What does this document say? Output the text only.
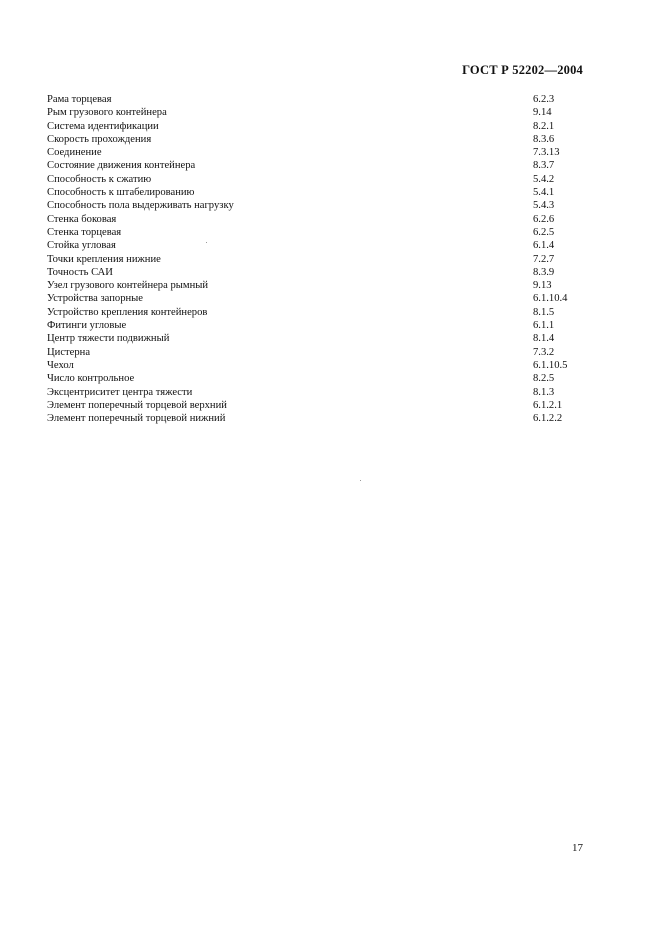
ГОСТ Р 52202—2004
Рама торцевая	6.2.3
Рым грузового контейнера	9.14
Система идентификации	8.2.1
Скорость прохождения	8.3.6
Соединение	7.3.13
Состояние движения контейнера	8.3.7
Способность к сжатию	5.4.2
Способность к штабелированию	5.4.1
Способность пола выдерживать нагрузку	5.4.3
Стенка боковая	6.2.6
Стенка торцевая	6.2.5
Стойка угловая	6.1.4
Точки крепления нижние	7.2.7
Точность САИ	8.3.9
Узел грузового контейнера рымный	9.13
Устройства запорные	6.1.10.4
Устройство крепления контейнеров	8.1.5
Фитинги угловые	6.1.1
Центр тяжести подвижный	8.1.4
Цистерна	7.3.2
Чехол	6.1.10.5
Число контрольное	8.2.5
Эксцентриситет центра тяжести	8.1.3
Элемент поперечный торцевой верхний	6.1.2.1
Элемент поперечный торцевой нижний	6.1.2.2
17
